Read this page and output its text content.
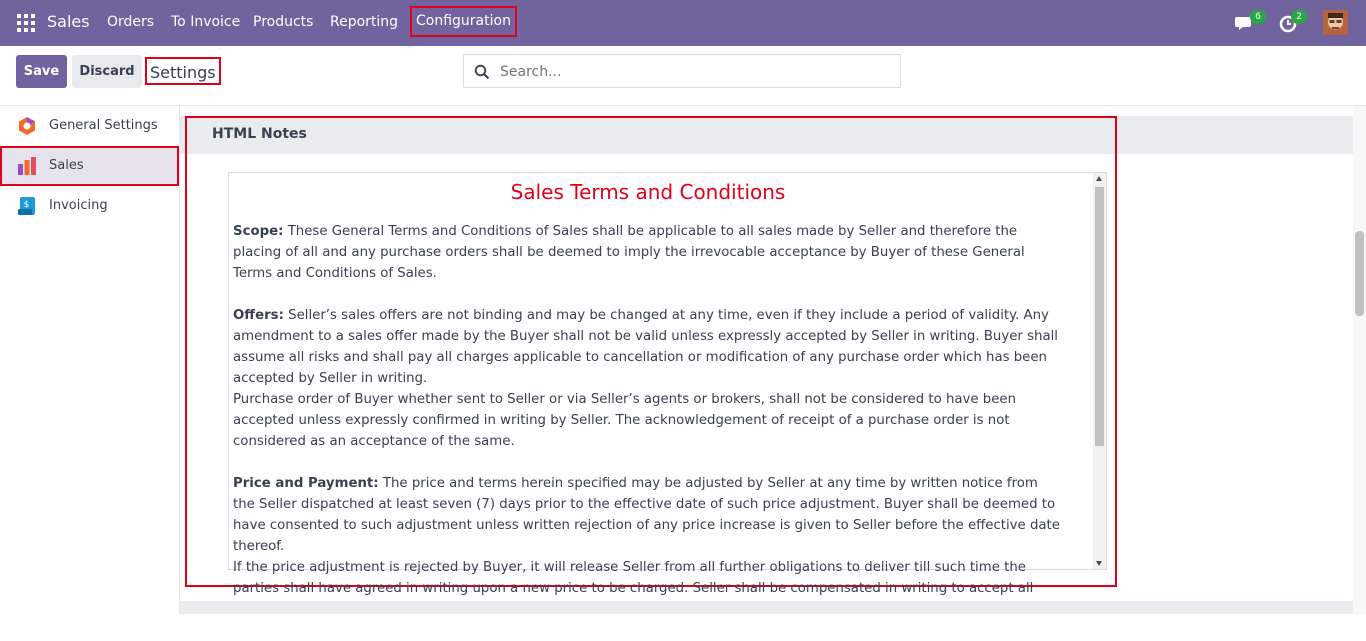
Sales Orders To Invoice Products Reporting	Configuration	6	2
Save	Discard Settings
Search...
General Settings
Sales
$ Invoicing
HTML Notes
Sales Terms and Conditions

Scope: These General Terms and Conditions of Sales shall be applicable to all sales made by Seller and therefore the placing of all and any purchase orders shall be deemed to imply the irrevocable acceptance by Buyer of these General Terms and Conditions of Sales.

Offers: Seller’s sales offers are not binding and may be changed at any time, even if they include a period of validity. Any amendment to a sales offer made by the Buyer shall not be valid unless expressly accepted by Seller in writing. Buyer shall assume all risks and shall pay all charges applicable to cancellation or modification of any purchase order which has been accepted by Seller in writing.

Purchase order of Buyer whether sent to Seller or via Seller’s agents or brokers, shall not be considered to have been accepted unless expressly confirmed in writing by Seller. The acknowledgement of receipt of a purchase order is not considered as an acceptance of the same.

Price and Payment: The price and terms herein specified may be adjusted by Seller at any time by written notice from the Seller dispatched at least seven (7) days prior to the effective date of such price adjustment. Buyer shall be deemed to have consented to such adjustment unless written rejection of any price increase is given to Seller before the effective date thereof.

If the price adjustment is rejected by Buyer, it will release Seller from all further obligations to deliver till such time the parties shall have agreed in writing upon a new price to be charged. Seller shall be compensated in writing to accept all
